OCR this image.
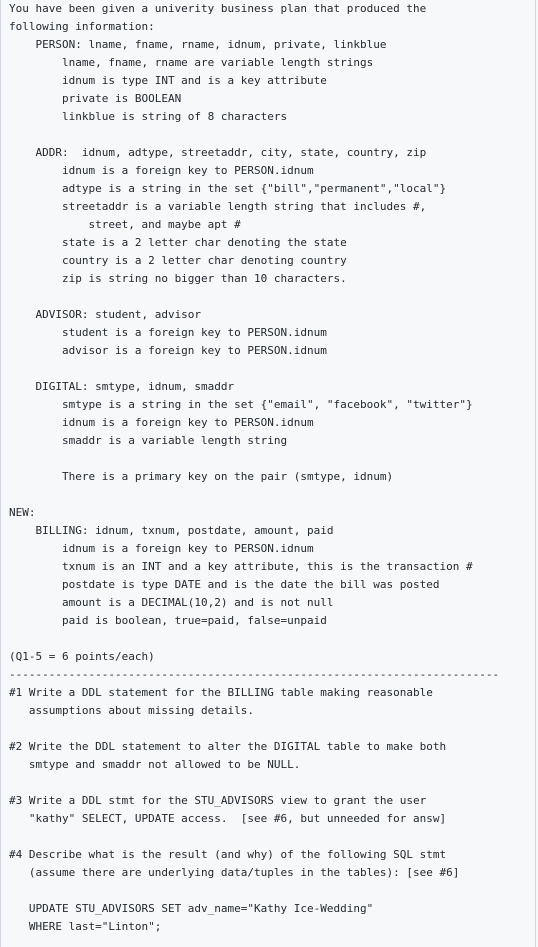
You have been given a univerity business plan that produced the
following information:
PERSON: lname, fname, rname, idnum, private, linkblue
lname, fname, rname are variable length strings
idnum is type INT and is a key attribute
private is BOOLEAN
linkblue is string of 8 characters
ADDR:  idnum, adtype, streetaddr, city, state, country, zip
idnum is a foreign key to PERSON.idnum
adtype is a string in the set {"bill","permanent","local"}
streetaddr is a variable length string that includes #,
street, and maybe apt #
state is a 2 letter char denoting the state
country is a 2 letter char denoting country
zip is string no bigger than 10 characters.
ADVISOR: student, advisor
student is a foreign key to PERSON.idnum
advisor is a foreign key to PERSON.idnum
DIGITAL: smtype, idnum, smaddr
smtype is a string in the set {"email", "facebook", "twitter"}
idnum is a foreign key to PERSON.idnum
smaddr is a variable length string
There is a primary key on the pair (smtype, idnum)
NEW:
BILLING: idnum, txnum, postdate, amount, paid
idnum is a foreign key to PERSON.idnum
txnum is an INT and a key attribute, this is the transaction #
postdate is type DATE and is the date the bill was posted
amount is a DECIMAL(10,2) and is not null
paid is boolean, true=paid, false=unpaid
(Q1-5 = 6 points/each)
--------------------------------------------------------------------------
#1 Write a DDL statement for the BILLING table making reasonable
assumptions about missing details.
#2 Write the DDL statement to alter the DIGITAL table to make both
smtype and smaddr not allowed to be NULL.
#3 Write a DDL stmt for the STU_ADVISORS view to grant the user
"kathy" SELECT, UPDATE access.  [see #6, but unneeded for answ]
#4 Describe what is the result (and why) of the following SQL stmt
(assume there are underlying data/tuples in the tables): [see #6]
UPDATE STU_ADVISORS SET adv_name="Kathy Ice-Wedding"
WHERE last="Linton";
